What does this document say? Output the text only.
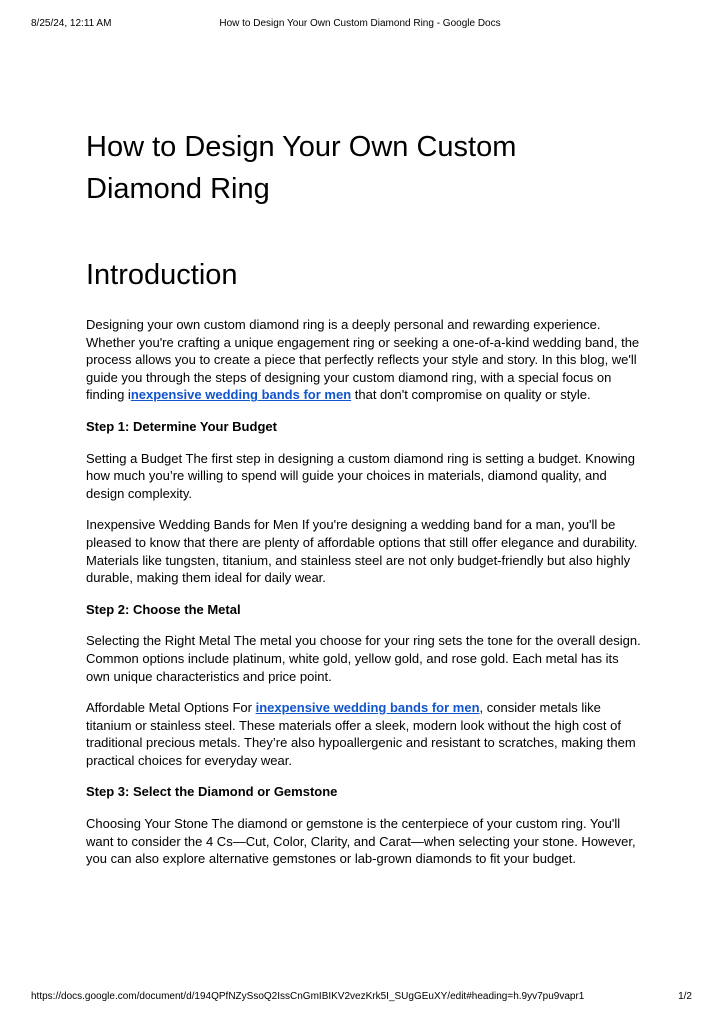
8/25/24, 12:11 AM	How to Design Your Own Custom Diamond Ring - Google Docs
How to Design Your Own Custom
Diamond Ring
Introduction

Designing your own custom diamond ring is a deeply personal and rewarding experience. Whether you're crafting a unique engagement ring or seeking a one-of-a-kind wedding band, the process allows you to create a piece that perfectly reflects your style and story. In this blog, we'll guide you through the steps of designing your custom diamond ring, with a special focus on finding inexpensive wedding bands for men that don't compromise on quality or style.

Step 1: Determine Your Budget

Setting a Budget The first step in designing a custom diamond ring is setting a budget. Knowing how much you’re willing to spend will guide your choices in materials, diamond quality, and design complexity.

Inexpensive Wedding Bands for Men If you're designing a wedding band for a man, you'll be pleased to know that there are plenty of affordable options that still offer elegance and durability. Materials like tungsten, titanium, and stainless steel are not only budget-friendly but also highly durable, making them ideal for daily wear.

Step 2: Choose the Metal

Selecting the Right Metal The metal you choose for your ring sets the tone for the overall design. Common options include platinum, white gold, yellow gold, and rose gold. Each metal has its own unique characteristics and price point.

Affordable Metal Options For inexpensive wedding bands for men, consider metals like titanium or stainless steel. These materials offer a sleek, modern look without the high cost of traditional precious metals. They’re also hypoallergenic and resistant to scratches, making them practical choices for everyday wear.

Step 3: Select the Diamond or Gemstone

Choosing Your Stone The diamond or gemstone is the centerpiece of your custom ring. You'll want to consider the 4 Cs—Cut, Color, Clarity, and Carat—when selecting your stone. However, you can also explore alternative gemstones or lab-grown diamonds to fit your budget.

https://docs.google.com/document/d/194QPfNZySsoQ2IssCnGmIBIKV2vezKrk5I_SUgGEuXY/edit#heading=h.9yv7pu9vapr1	1/2
